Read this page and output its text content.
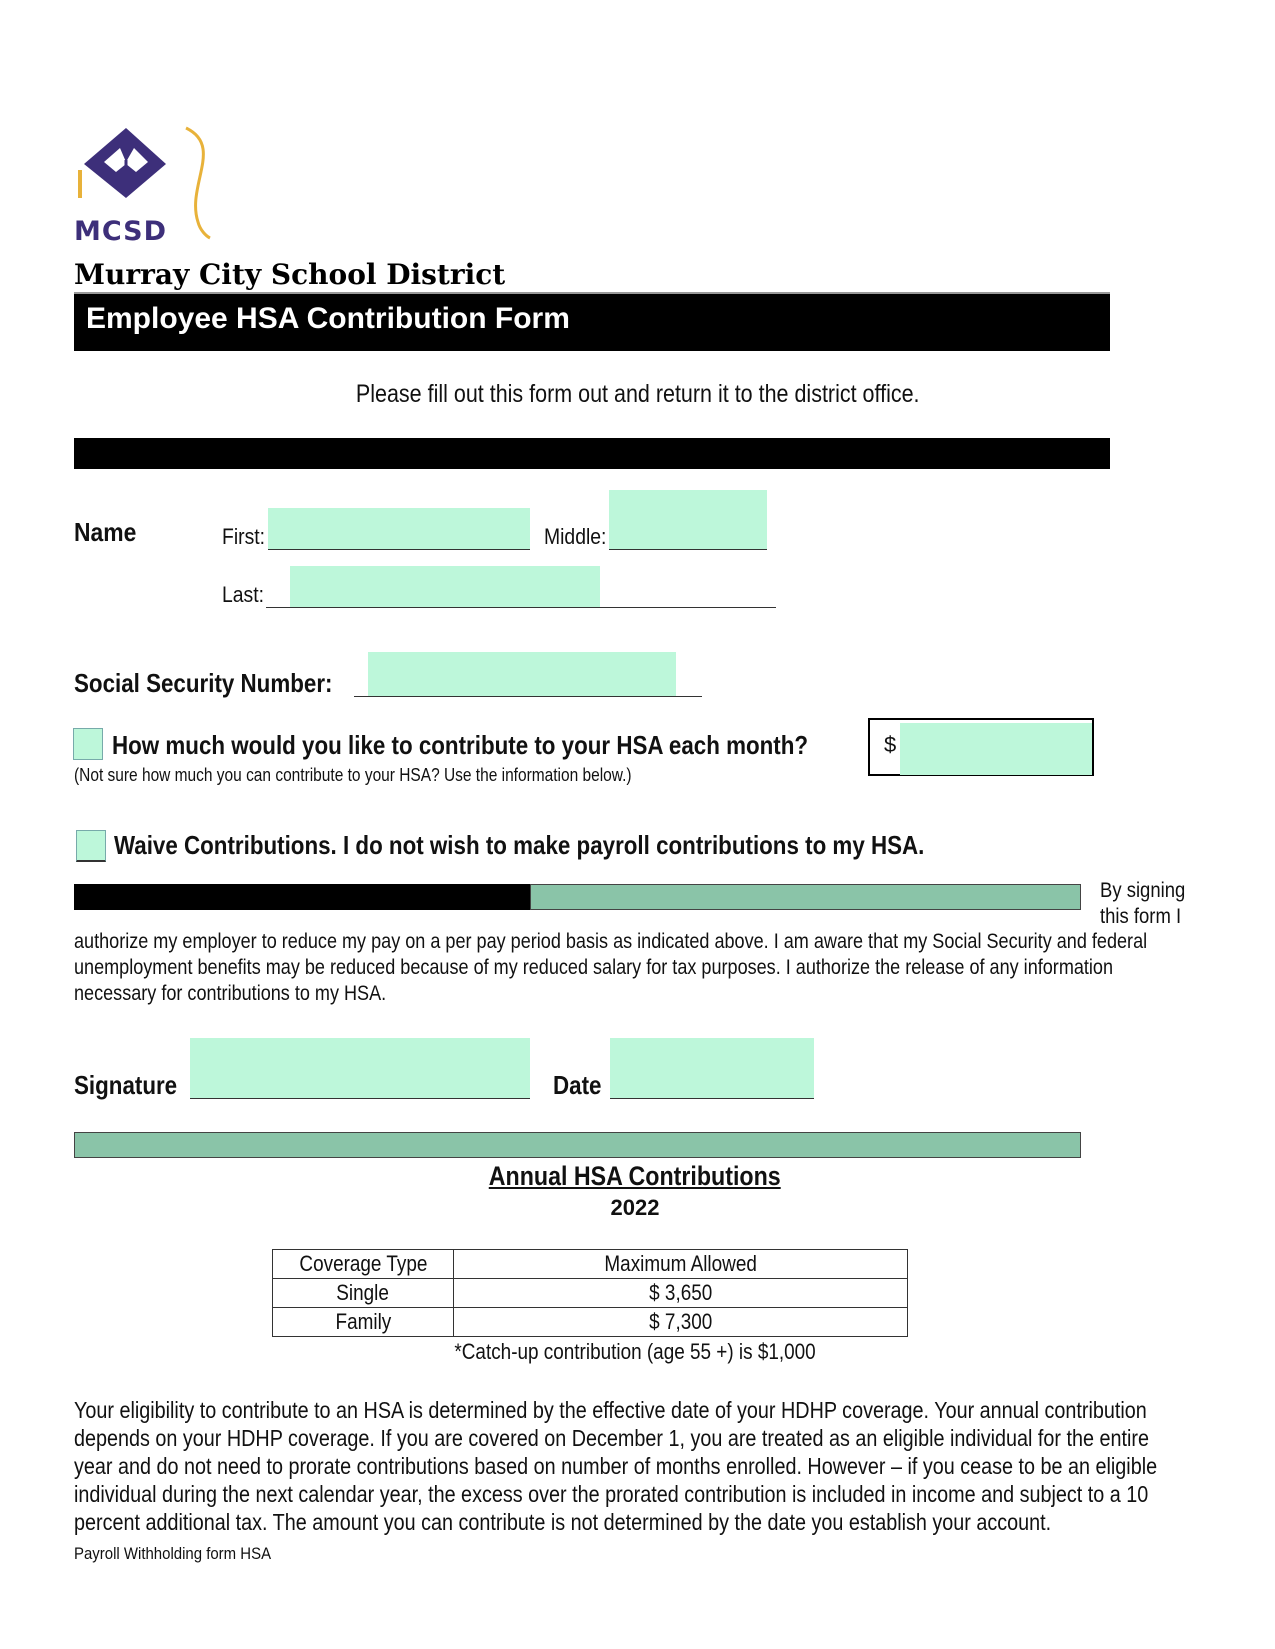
MCSD
Murray City School District
Employee HSA Contribution Form
Please fill out this form out and return it to the district office.
Name	First:	Middle:
Last:
Social Security Number:
How much would you like to contribute to your HSA each month?
(Not sure how much you can contribute to your HSA? Use the information below.)
$
Waive Contributions. I do not wish to make payroll contributions to my HSA.
By signing
this form I
authorize my employer to reduce my pay on a per pay period basis as indicated above. I am aware that my Social Security and federal
unemployment benefits may be reduced because of my reduced salary for tax purposes. I authorize the release of any information
necessary for contributions to my HSA.
Signature	Date
Annual HSA Contributions
2022
Coverage Type	Maximum Allowed
Single	$ 3,650
Family	$ 7,300
*Catch-up contribution (age 55 +) is $1,000
Your eligibility to contribute to an HSA is determined by the effective date of your HDHP coverage. Your annual contribution
depends on your HDHP coverage. If you are covered on December 1, you are treated as an eligible individual for the entire
year and do not need to prorate contributions based on number of months enrolled. However – if you cease to be an eligible
individual during the next calendar year, the excess over the prorated contribution is included in income and subject to a 10
percent additional tax. The amount you can contribute is not determined by the date you establish your account.
Payroll Withholding form HSA
